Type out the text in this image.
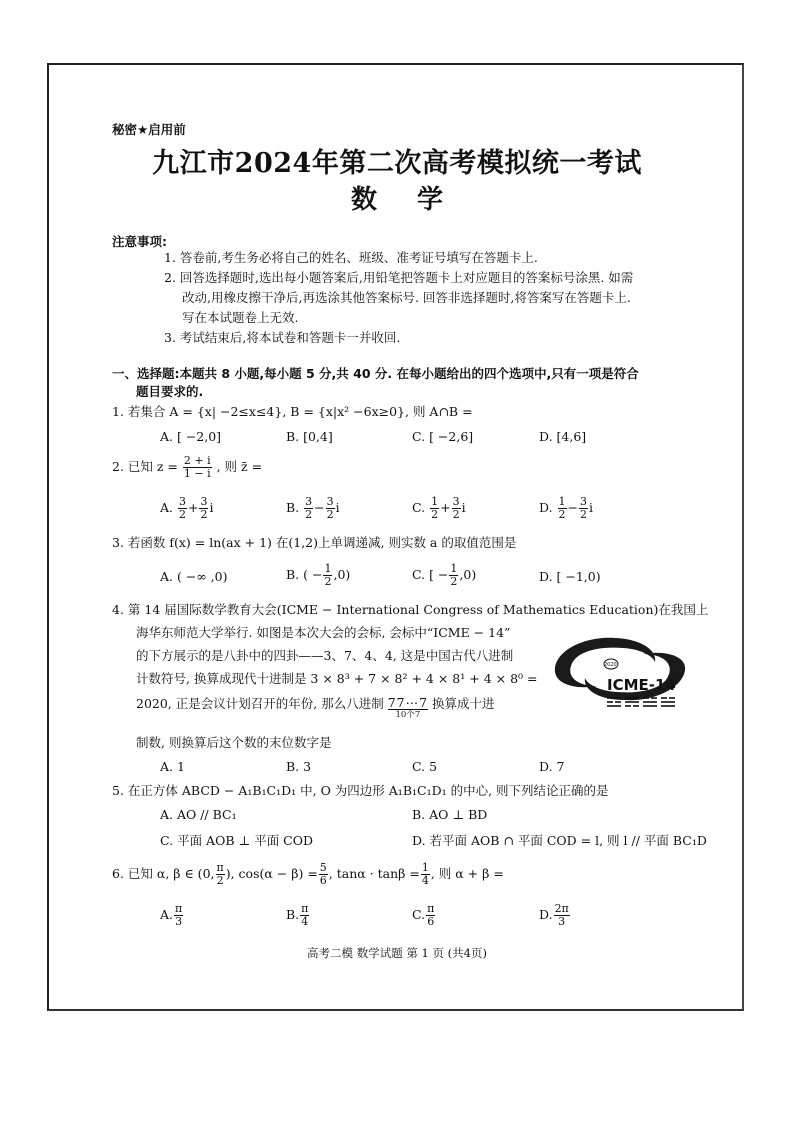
秘密★启用前
九江市2024年第二次高考模拟统一考试
数学
注意事项:
1. 答卷前,考生务必将自己的姓名、班级、准考证号填写在答题卡上.
2. 回答选择题时,选出每小题答案后,用铅笔把答题卡上对应题目的答案标号涂黑. 如需
改动,用橡皮擦干净后,再选涂其他答案标号. 回答非选择题时,将答案写在答题卡上.
写在本试题卷上无效.
3. 考试结束后,将本试卷和答题卡一并收回.
一、选择题:本题共 8 小题,每小题 5 分,共 40 分. 在每小题给出的四个选项中,只有一项是符合
题目要求的.
1. 若集合 A = {x| −2≤x≤4}, B = {x|x² −6x≥0}, 则 A∩B =
A. [ −2,0]	B. [0,4]	C. [ −2,6]	D. [4,6]
2. 已知 $z = \frac{2 + i}{1 - i}$ , 则 z̄ =
A. $\frac{3}{2} + \frac{3}{2}$ i	B. $\frac{3}{2} - \frac{3}{2}$ i	C. $\frac{1}{2} + \frac{3}{2}$ i	D. $\frac{1}{2} - \frac{3}{2}$ i
3. 若函数 f(x) = ln(ax + 1) 在(1,2)上单调递减, 则实数 a 的取值范围是
A. ( −∞ ,0)	B. ( − $\frac{1}{2} ,0$)	C. [ − $\frac{1}{2} ,0$)	D. [ −1,0)
4. 第 14 届国际数学教育大会(ICME − International Congress of Mathematics Education)在我国上
海华东师范大学举行. 如图是本次大会的会标, 会标中“ICME − 14”
的下方展示的是八卦中的四卦——3、7、4、4, 这是中国古代八进制
计数符号, 换算成现代十进制是 3 × 8³ + 7 × 8² + 4 × 8¹ + 4 × 8⁰ =
2020, 正是会议计划召开的年份, 那么八进制 77⋯7
10个7
换算成十进
2020
ICME-14
制数, 则换算后这个数的末位数字是
A. 1	B. 3	C. 5	D. 7
5. 在正方体 ABCD − A₁B₁C₁D₁ 中, O 为四边形 A₁B₁C₁D₁ 的中心, 则下列结论正确的是
A. AO // BC₁	B. AO ⊥ BD
C. 平面 AOB ⊥ 平面 COD	D. 若平面 AOB ∩ 平面 COD = l, 则 l // 平面 BC₁D
6. 已知 α, β ∈ (0, $\frac{\pi}{2}$ ), $\cos(\alpha - \beta) = \frac{5}{6}$ , $\tan\alpha \cdot \tan\beta = \frac{1}{4}$ , 则 α + β =
A. $\frac{\pi}{3}$	B. $\frac{\pi}{4}$	C. $\frac{\pi}{6}$	D. $\frac{2\pi}{3}$
高考二模 数学试题 第 1 页 (共4页)
